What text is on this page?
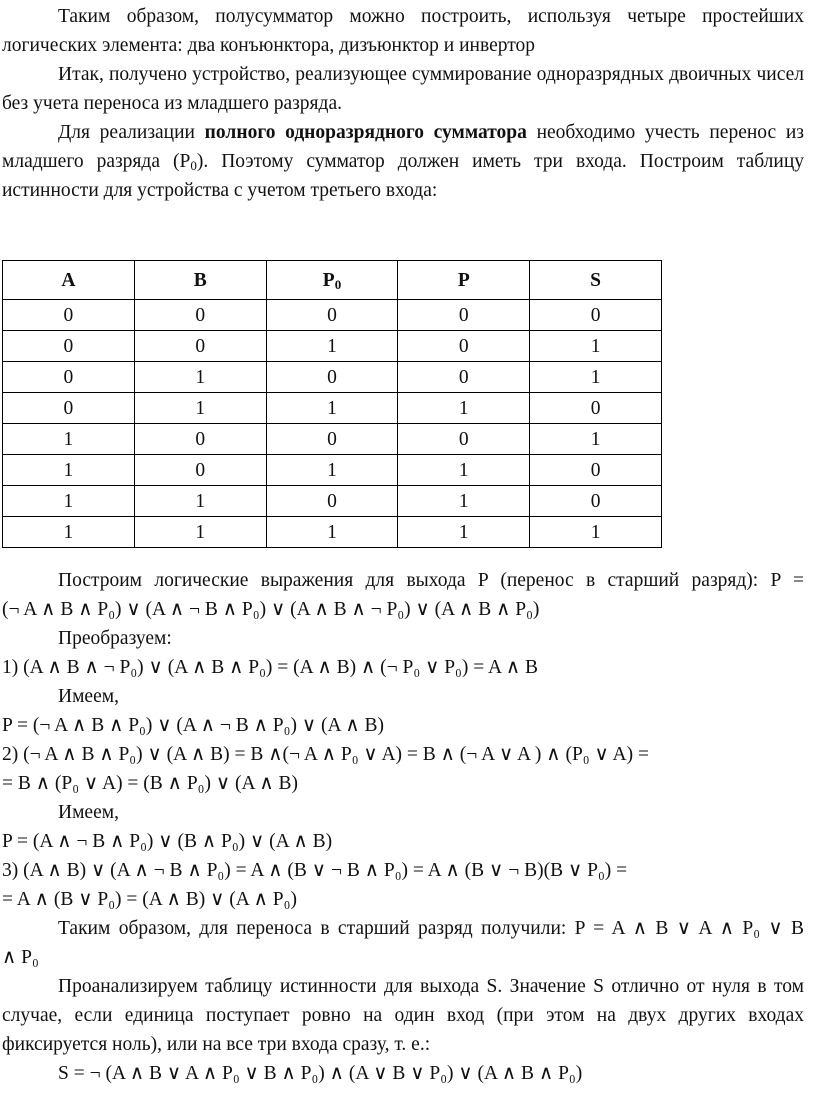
Таким образом, полусумматор можно построить, используя четыре простейших логических элемента: два конъюнктора, дизъюнктор и инвертор

Итак, получено устройство, реализующее суммирование одноразрядных двоичных чисел без учета переноса из младшего разряда.

Для реализации полного одноразрядного сумматора необходимо учесть перенос из младшего разряда $(P_0)$. Поэтому сумматор должен иметь три входа. Построим таблицу истинности для устройства с учетом третьего входа:

A	B	$P_0$	P	S
0	0	0	0	0
0	0	1	0	1
0	1	0	0	1
0	1	1	1	0
1	0	0	0	1
1	0	1	1	0
1	1	0	1	0
1	1	1	1	1

Построим логические выражения для выхода P (перенос в старший разряд): P =

(¬ A ∧ B ∧ P₀) ∨ (A ∧ ¬ B ∧ P₀) ∨ (A ∧ B ∧ ¬ P₀) ∨ (A ∧ B ∧ P₀)

Преобразуем:

1) (A ∧ B ∧ ¬ P₀) ∨ (A ∧ B ∧ P₀) = (A ∧ B) ∧ (¬ P₀ ∨ P₀) = A ∧ B

Имеем,

P = (¬ A ∧ B ∧ P₀) ∨ (A ∧ ¬ B ∧ P₀) ∨ (A ∧ B)

2) (¬ A ∧ B ∧ P₀) ∨ (A ∧ B) = B ∧(¬ A ∧ P₀ ∨ A) = B ∧ (¬ A ∨ A ) ∧ (P₀ ∨ A) =

= B ∧ (P₀ ∨ A) = (B ∧ P₀) ∨ (A ∧ B)

Имеем,

P = (A ∧ ¬ B ∧ P₀) ∨ (B ∧ P₀) ∨ (A ∧ B)

3) (A ∧ B) ∨ (A ∧ ¬ B ∧ P₀) = A ∧ (B ∨ ¬ B ∧ P₀) = A ∧ (B ∨ ¬ B)(B ∨ P₀) =

= A ∧ (B ∨ P₀) = (A ∧ B) ∨ (A ∧ P₀)

Таким образом, для переноса в старший разряд получили: P = A ∧ B ∨ A ∧ P₀ ∨ B

∧ P₀

Проанализируем таблицу истинности для выхода S. Значение S отлично от нуля в том случае, если единица поступает ровно на один вход (при этом на двух других входах фиксируется ноль), или на все три входа сразу, т. е.:

S = ¬ (A ∧ B ∨ A ∧ P₀ ∨ B ∧ P₀) ∧ (A ∨ B ∨ P₀) ∨ (A ∧ B ∧ P₀)
